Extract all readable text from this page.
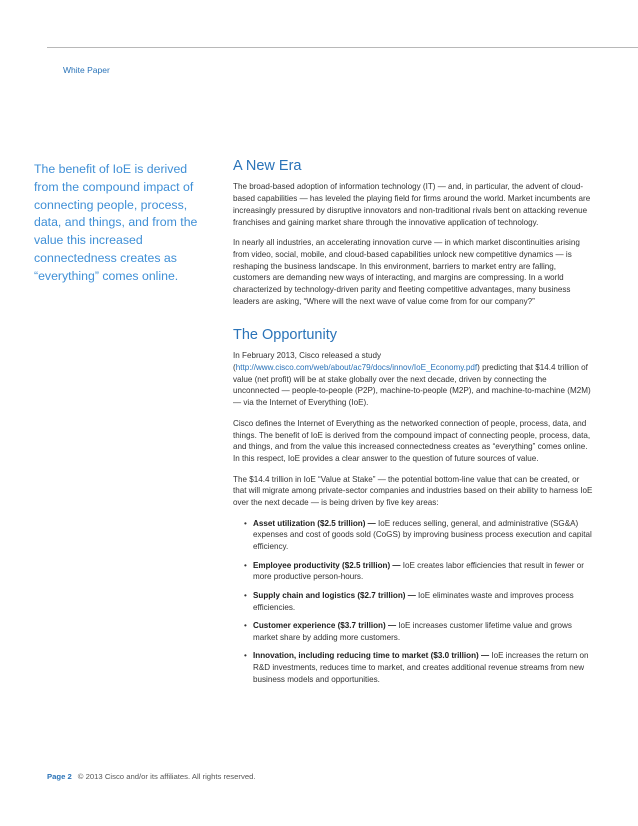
White Paper
The benefit of IoE is derived from the compound impact of connecting people, process, data, and things, and from the value this increased connectedness creates as “everything” comes online.
A New Era

The broad-based adoption of information technology (IT) — and, in particular, the advent of cloud-based capabilities — has leveled the playing field for firms around the world. Market incumbents are increasingly pressured by disruptive innovators and non-traditional rivals bent on attacking revenue franchises and gaining market share through the innovative application of technology.

In nearly all industries, an accelerating innovation curve — in which market discontinuities arising from video, social, mobile, and cloud-based capabilities unlock new competitive dynamics — is reshaping the business landscape. In this environment, barriers to market entry are falling, customers are demanding new ways of interacting, and margins are compressing. In a world characterized by technology-driven parity and fleeting competitive advantages, many business leaders are asking, “Where will the next wave of value come from for our company?”

The Opportunity

In February 2013, Cisco released a study (http://www.cisco.com/web/about/ac79/docs/innov/IoE_Economy.pdf) predicting that $14.4 trillion of value (net profit) will be at stake globally over the next decade, driven by connecting the unconnected — people-to-people (P2P), machine-to-people (M2P), and machine-to-machine (M2M) — via the Internet of Everything (IoE).

Cisco defines the Internet of Everything as the networked connection of people, process, data, and things. The benefit of IoE is derived from the compound impact of connecting people, process, data, and things, and from the value this increased connectedness creates as “everything” comes online. In this respect, IoE provides a clear answer to the question of future sources of value.

The $14.4 trillion in IoE “Value at Stake” — the potential bottom-line value that can be created, or that will migrate among private-sector companies and industries based on their ability to harness IoE over the next decade — is being driven by five key areas:

• Asset utilization ($2.5 trillion) — IoE reduces selling, general, and administrative (SG&A) expenses and cost of goods sold (CoGS) by improving business process execution and capital efficiency.
• Employee productivity ($2.5 trillion) — IoE creates labor efficiencies that result in fewer or more productive person-hours.
• Supply chain and logistics ($2.7 trillion) — IoE eliminates waste and improves process efficiencies.
• Customer experience ($3.7 trillion) — IoE increases customer lifetime value and grows market share by adding more customers.
• Innovation, including reducing time to market ($3.0 trillion) — IoE increases the return on R&D investments, reduces time to market, and creates additional revenue streams from new business models and opportunities.
Page 2 © 2013 Cisco and/or its affiliates. All rights reserved.
